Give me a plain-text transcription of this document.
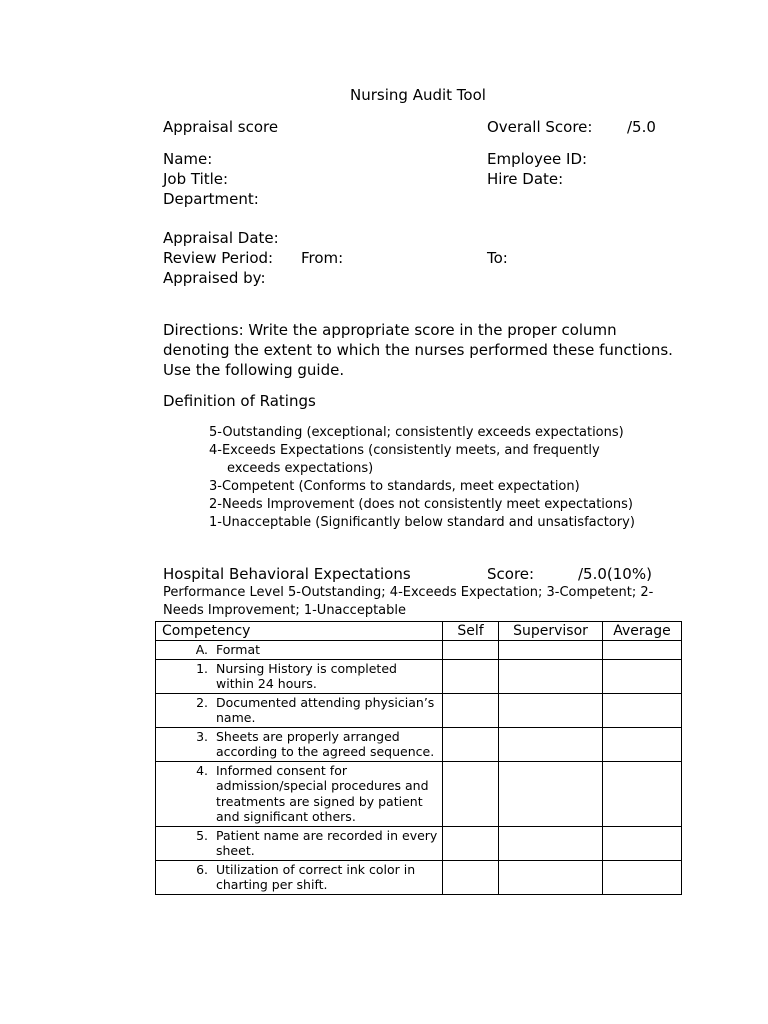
Nursing Audit Tool
Appraisal score	Overall Score: /5.0
Name:	Employee ID:
Job Title:	Hire Date:
Department:
Appraisal Date:
Review Period: From:	To:
Appraised by:
Directions: Write the appropriate score in the proper column denoting the extent to which the nurses performed these functions. Use the following guide.
Definition of Ratings
5-Outstanding (exceptional; consistently exceeds expectations)
4-Exceeds Expectations (consistently meets, and frequently
exceeds expectations)
3-Competent (Conforms to standards, meet expectation)
2-Needs Improvement (does not consistently meet expectations)
1-Unacceptable (Significantly below standard and unsatisfactory)
Hospital Behavioral Expectations	Score:	/5.0(10%)
Performance Level 5-Outstanding; 4-Exceeds Expectation; 3-Competent; 2-Needs Improvement; 1-Unacceptable
Competency	Self	Supervisor	Average

A. Format			

1. Nursing History is completed within 24 hours.			

2. Documented attending physician’s name.			

3. Sheets are properly arranged according to the agreed sequence.			

4. Informed consent for admission/special procedures and treatments are signed by patient and significant others.			

5. Patient name are recorded in every sheet.			

6. Utilization of correct ink color in charting per shift.			
